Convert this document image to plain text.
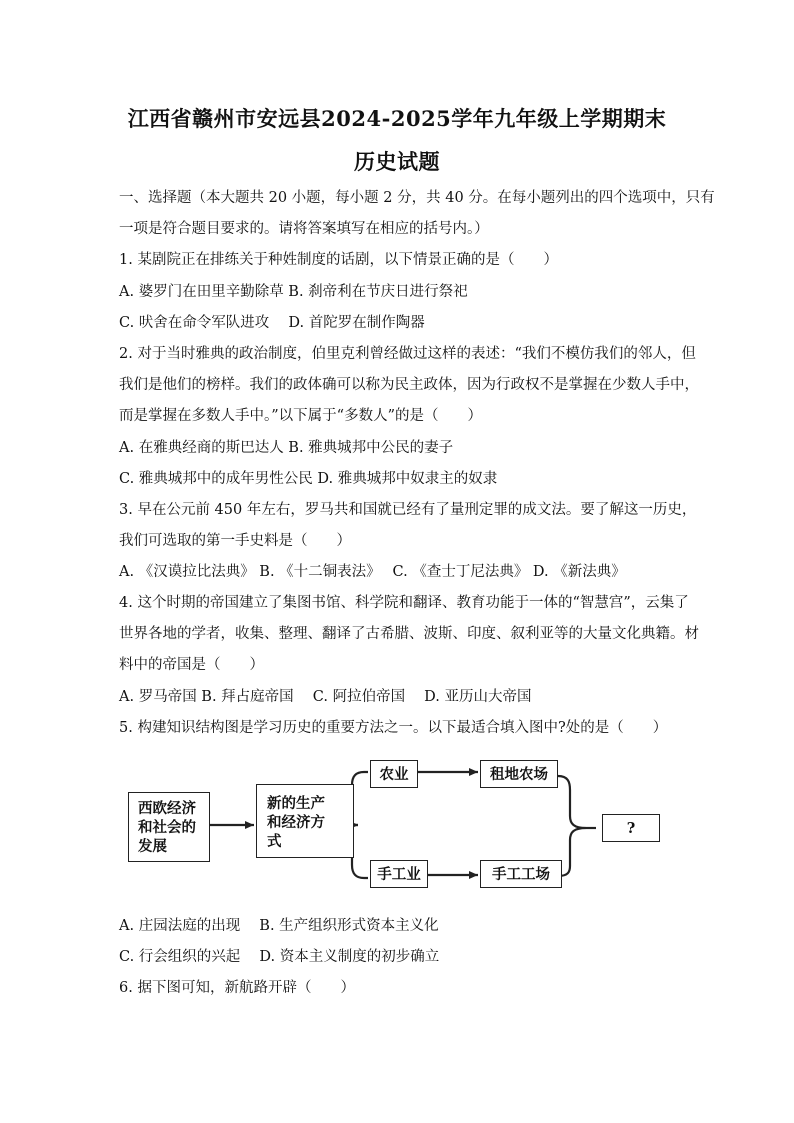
江西省赣州市安远县2024-2025学年九年级上学期期末
历史试题
一、选择题（本大题共 20 小题，每小题 2 分，共 40 分。在每小题列出的四个选项中，只有
一项是符合题目要求的。请将答案填写在相应的括号内。）
1. 某剧院正在排练关于种姓制度的话剧，以下情景正确的是（　　）
A. 婆罗门在田里辛勤除草 B. 刹帝利在节庆日进行祭祀
C. 吠舍在命令军队进攻　 D. 首陀罗在制作陶器
2. 对于当时雅典的政治制度，伯里克利曾经做过这样的表述：“我们不模仿我们的邻人，但
我们是他们的榜样。我们的政体确可以称为民主政体，因为行政权不是掌握在少数人手中，
而是掌握在多数人手中。”以下属于“多数人”的是（　　）
A. 在雅典经商的斯巴达人 B. 雅典城邦中公民的妻子
C. 雅典城邦中的成年男性公民 D. 雅典城邦中奴隶主的奴隶
3. 早在公元前 450 年左右，罗马共和国就已经有了量刑定罪的成文法。要了解这一历史，
我们可选取的第一手史料是（　　）
A. 《汉谟拉比法典》 B. 《十二铜表法》　 C. 《查士丁尼法典》 D. 《新法典》
4. 这个时期的帝国建立了集图书馆、科学院和翻译、教育功能于一体的“智慧宫”，云集了
世界各地的学者，收集、整理、翻译了古希腊、波斯、印度、叙利亚等的大量文化典籍。材
料中的帝国是（　　）
A. 罗马帝国 B. 拜占庭帝国　 C. 阿拉伯帝国　 D. 亚历山大帝国
5. 构建知识结构图是学习历史的重要方法之一。以下最适合填入图中?处的是（　　）
西欧经济
和社会的
发展
新的生产
和经济方
式
农业	租地农场
手工业	手工工场
?
A. 庄园法庭的出现　 B. 生产组织形式资本主义化
C. 行会组织的兴起　 D. 资本主义制度的初步确立
6. 据下图可知，新航路开辟（　　）
